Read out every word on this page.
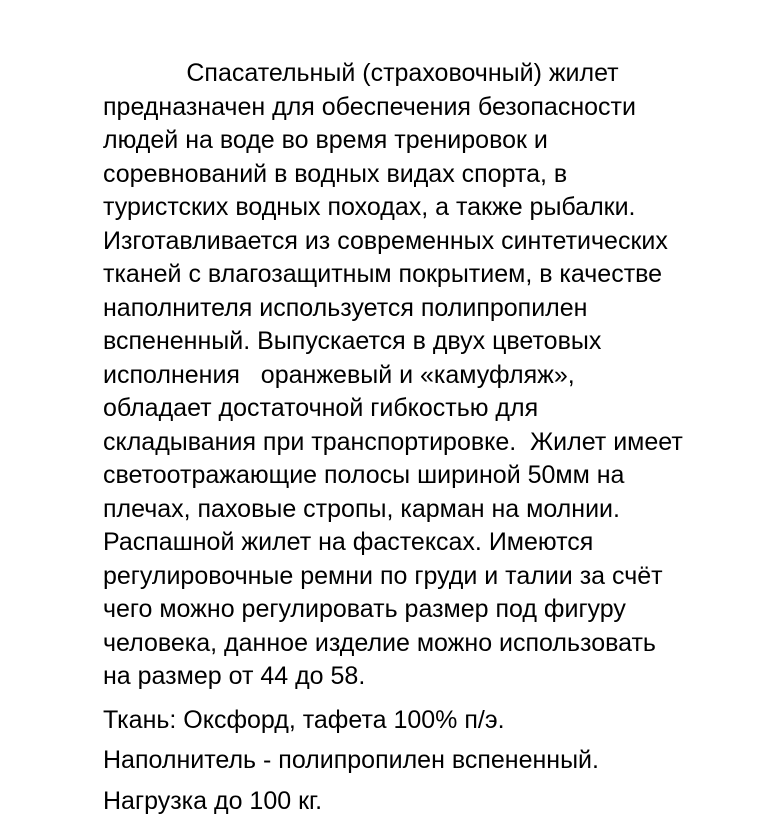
Спасательный (страховочный) жилет
предназначен для обеспечения безопасности
людей на воде во время тренировок и
соревнований в водных видах спорта, в
туристских водных походах, а также рыбалки.
Изготавливается из современных синтетических
тканей с влагозащитным покрытием, в качестве
наполнителя используется полипропилен
вспененный. Выпускается в двух цветовых
исполнения   оранжевый и «камуфляж»,
обладает достаточной гибкостью для
складывания при транспортировке.  Жилет имеет
светоотражающие полосы шириной 50мм на
плечах, паховые стропы, карман на молнии.
Распашной жилет на фастексах. Имеются
регулировочные ремни по груди и талии за счёт
чего можно регулировать размер под фигуру
человека, данное изделие можно использовать
на размер от 44 до 58.
Ткань: Оксфорд, тафета 100% п/э.
Наполнитель - полипропилен вспененный.
Нагрузка до 100 кг.
